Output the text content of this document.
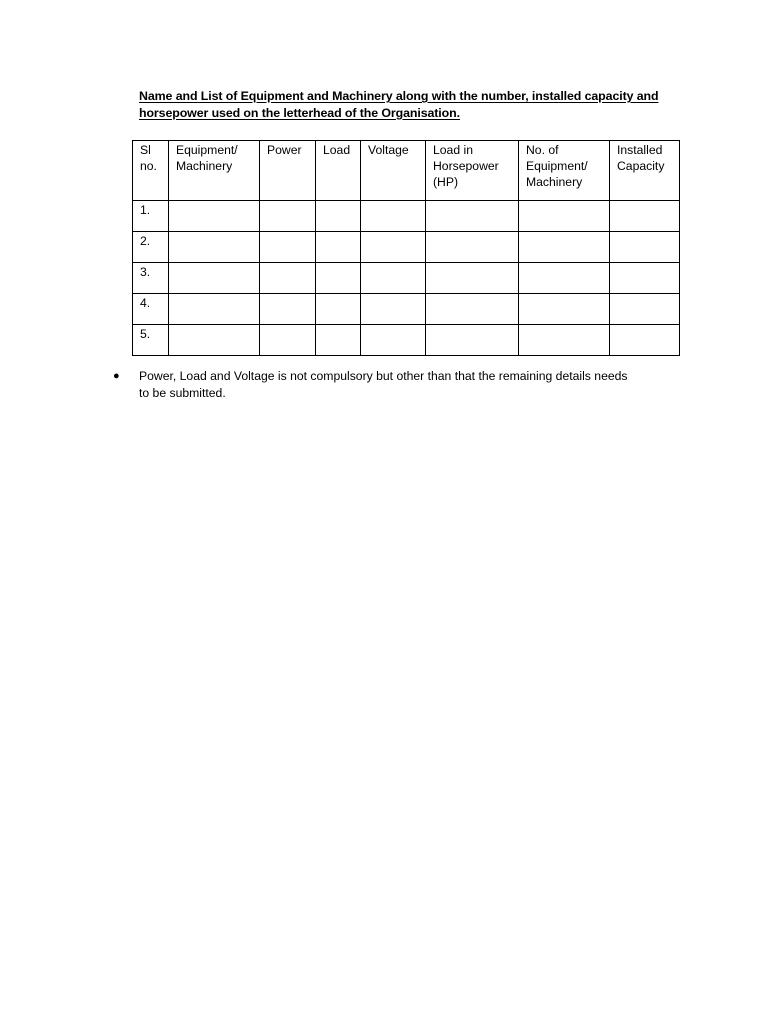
Name and List of Equipment and Machinery along with the number, installed capacity and
horsepower used on the letterhead of the Organisation.
Sl
no.	Equipment/
Machinery	Power	Load	Voltage	Load in
Horsepower
(HP)	No. of
Equipment/
Machinery	Installed
Capacity

1.							
2.							
3.							
4.							
5.							
●	Power, Load and Voltage is not compulsory but other than that the remaining details needs
to be submitted.
